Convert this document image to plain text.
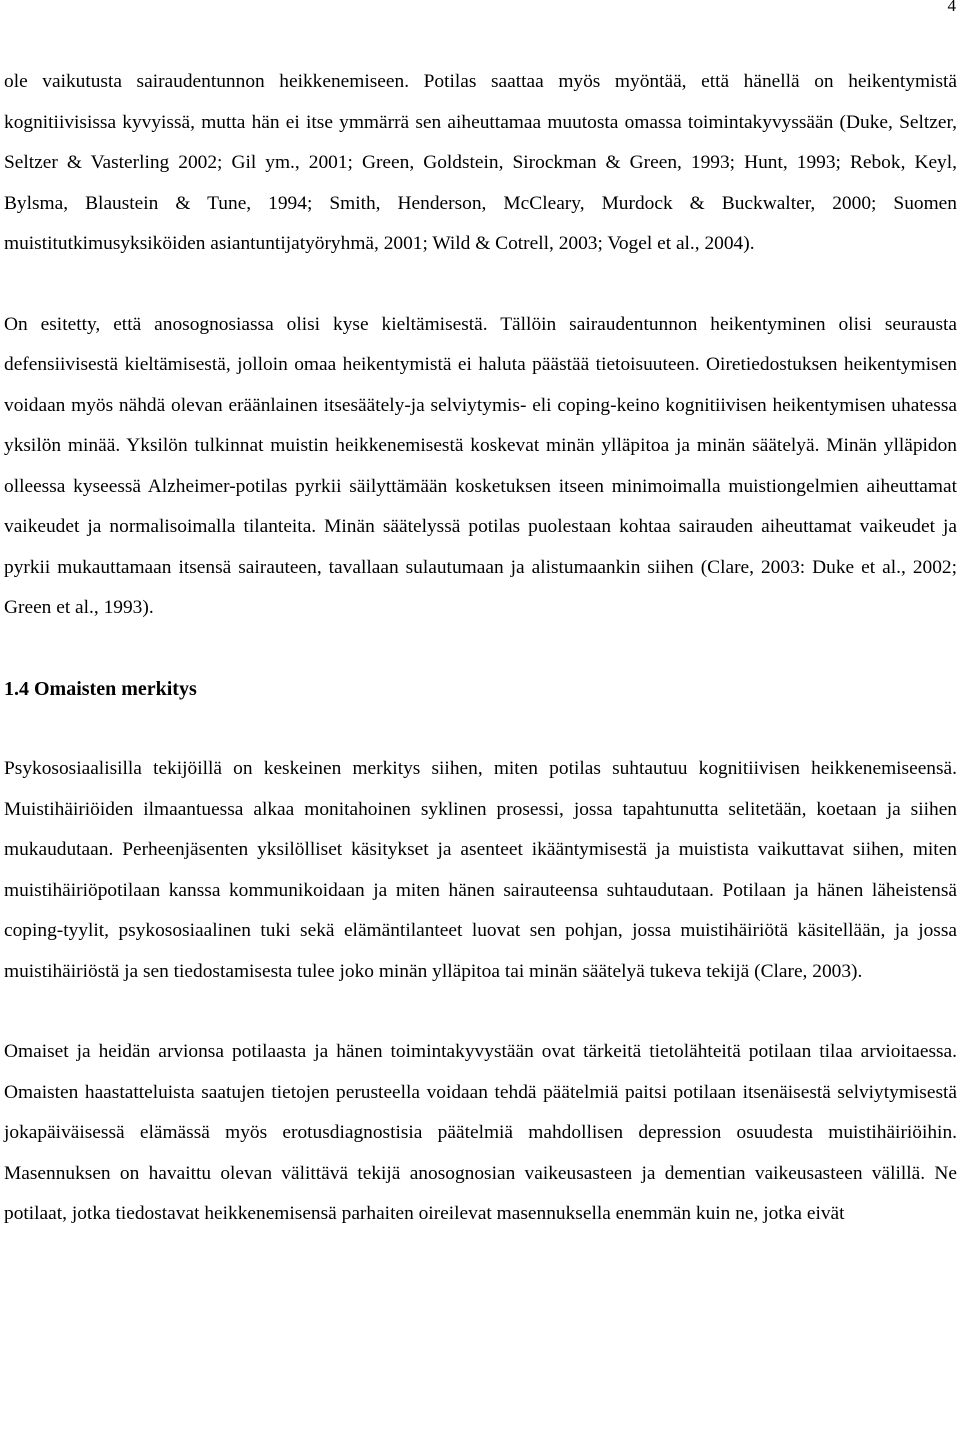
4

ole vaikutusta sairaudentunnon heikkenemiseen. Potilas saattaa myös myöntää, että hänellä on heikentymistä kognitiivisissa kyvyissä, mutta hän ei itse ymmärrä sen aiheuttamaa muutosta omassa toimintakyvyssään (Duke, Seltzer, Seltzer & Vasterling 2002; Gil ym., 2001; Green, Goldstein, Sirockman & Green, 1993; Hunt, 1993; Rebok, Keyl, Bylsma, Blaustein & Tune, 1994; Smith, Henderson, McCleary, Murdock & Buckwalter, 2000; Suomen muistitutkimusyksiköiden asiantuntijatyöryhmä, 2001; Wild & Cotrell, 2003; Vogel et al., 2004).

On esitetty, että anosognosiassa olisi kyse kieltämisestä. Tällöin sairaudentunnon heikentyminen olisi seurausta defensiivisestä kieltämisestä, jolloin omaa heikentymistä ei haluta päästää tietoisuuteen. Oiretiedostuksen heikentymisen voidaan myös nähdä olevan eräänlainen itsesäätely-ja selviytymis- eli coping-keino kognitiivisen heikentymisen uhatessa yksilön minää. Yksilön tulkinnat muistin heikkenemisestä koskevat minän ylläpitoa ja minän säätelyä. Minän ylläpidon olleessa kyseessä Alzheimer-potilas pyrkii säilyttämään kosketuksen itseen minimoimalla muistiongelmien aiheuttamat vaikeudet ja normalisoimalla tilanteita. Minän säätelyssä potilas puolestaan kohtaa sairauden aiheuttamat vaikeudet ja pyrkii mukauttamaan itsensä sairauteen, tavallaan sulautumaan ja alistumaankin siihen (Clare, 2003: Duke et al., 2002; Green et al., 1993).

1.4 Omaisten merkitys

Psykososiaalisilla tekijöillä on keskeinen merkitys siihen, miten potilas suhtautuu kognitiivisen heikkenemiseensä. Muistihäiriöiden ilmaantuessa alkaa monitahoinen syklinen prosessi, jossa tapahtunutta selitetään, koetaan ja siihen mukaudutaan. Perheenjäsenten yksilölliset käsitykset ja asenteet ikääntymisestä ja muistista vaikuttavat siihen, miten muistihäiriöpotilaan kanssa kommunikoidaan ja miten hänen sairauteensa suhtaudutaan. Potilaan ja hänen läheistensä coping-tyylit, psykososiaalinen tuki sekä elämäntilanteet luovat sen pohjan, jossa muistihäiriötä käsitellään, ja jossa muistihäiriöstä ja sen tiedostamisesta tulee joko minän ylläpitoa tai minän säätelyä tukeva tekijä (Clare, 2003).

Omaiset ja heidän arvionsa potilaasta ja hänen toimintakyvystään ovat tärkeitä tietolähteitä potilaan tilaa arvioitaessa. Omaisten haastatteluista saatujen tietojen perusteella voidaan tehdä päätelmiä paitsi potilaan itsenäisestä selviytymisestä jokapäiväisessä elämässä myös erotusdiagnostisia päätelmiä mahdollisen depression osuudesta muistihäiriöihin. Masennuksen on havaittu olevan välittävä tekijä anosognosian vaikeusasteen ja dementian vaikeusasteen välillä. Ne potilaat, jotka tiedostavat heikkenemisensä parhaiten oireilevat masennuksella enemmän kuin ne, jotka eivät
